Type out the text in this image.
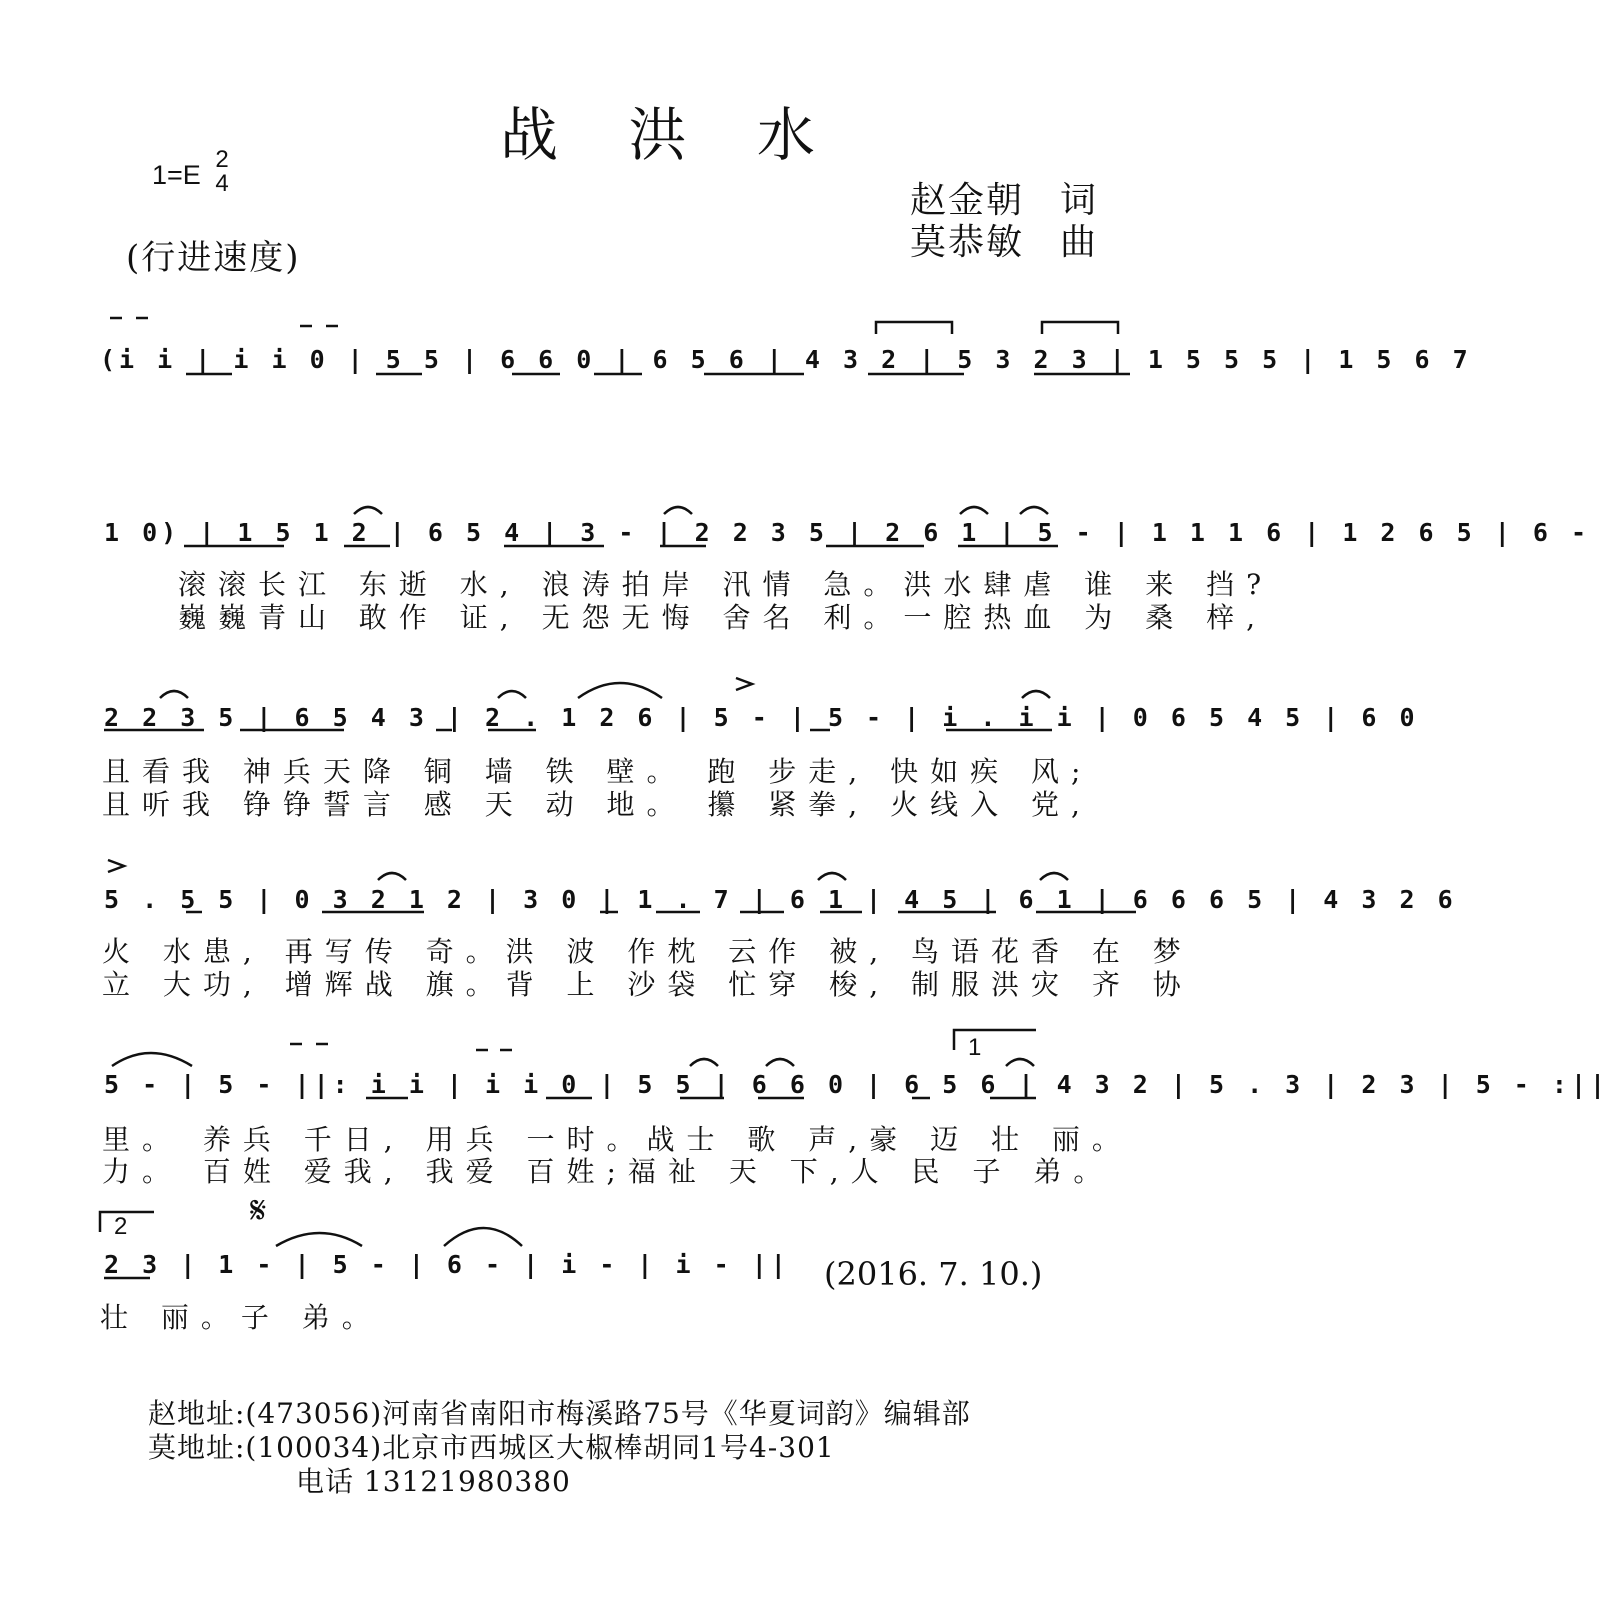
战 洪 水
1=E
2
4
(行进速度)
赵金朝 词
莫恭敏 曲
(i i | i i 0 | 5 5 | 6 6 0 | 6 5 6 | 4 3 2 | 5 3 2 3 | 1 5 5 5 | 1 5 6 7
1 0) | 1 5 1 2 | 6 5 4 | 3 - | 2 2 3 5 | 2 6 1 | 5 - | 1 1 1 6 | 1 2 6 5 | 6 -
滚滚长江 东逝 水, 浪涛拍岸 汛情 急。洪水肆虐 谁 来 挡?
巍巍青山 敢作 证, 无怨无悔 舍名 利。一腔热血 为 桑 梓,
2 2 3 5 | 6 5 4 3 | 2 . 1 2 6 | 5 - | 5 - | i . i i | 0 6 5 4 5 | 6 0
且看我 神兵天降 铜 墙 铁 壁。 跑 步走, 快如疾 风;
且听我 铮铮誓言 感 天 动 地。 攥 紧拳, 火线入 党,
5 . 5 5 | 0 3 2 1 2 | 3 0 | 1 . 7 | 6 1 | 4 5 | 6 1 | 6 6 6 5 | 4 3 2 6
火 水患, 再写传 奇。洪 波 作枕 云作 被, 鸟语花香 在 梦
立 大功, 增辉战 旗。背 上 沙袋 忙穿 梭, 制服洪灾 齐 协
1
5 - | 5 - ||: i i | i i 0 | 5 5 | 6 6 0 | 6 5 6 | 4 3 2 | 5 . 3 | 2 3 | 5 - :||
里。 养兵 千日, 用兵 一时。战士 歌 声,豪 迈 壮 丽。
力。 百姓 爱我, 我爱 百姓;福祉 天 下,人 民 子 弟。
2	𝄋
2 3 | 1 - | 5 - | 6 - | i - | i - ||
壮 丽。子 弟。
(2016. 7. 10.)
赵地址:(473056)河南省南阳市梅溪路75号《华夏词韵》编辑部
莫地址:(100034)北京市西城区大椒棒胡同1号4-301
电话 13121980380
